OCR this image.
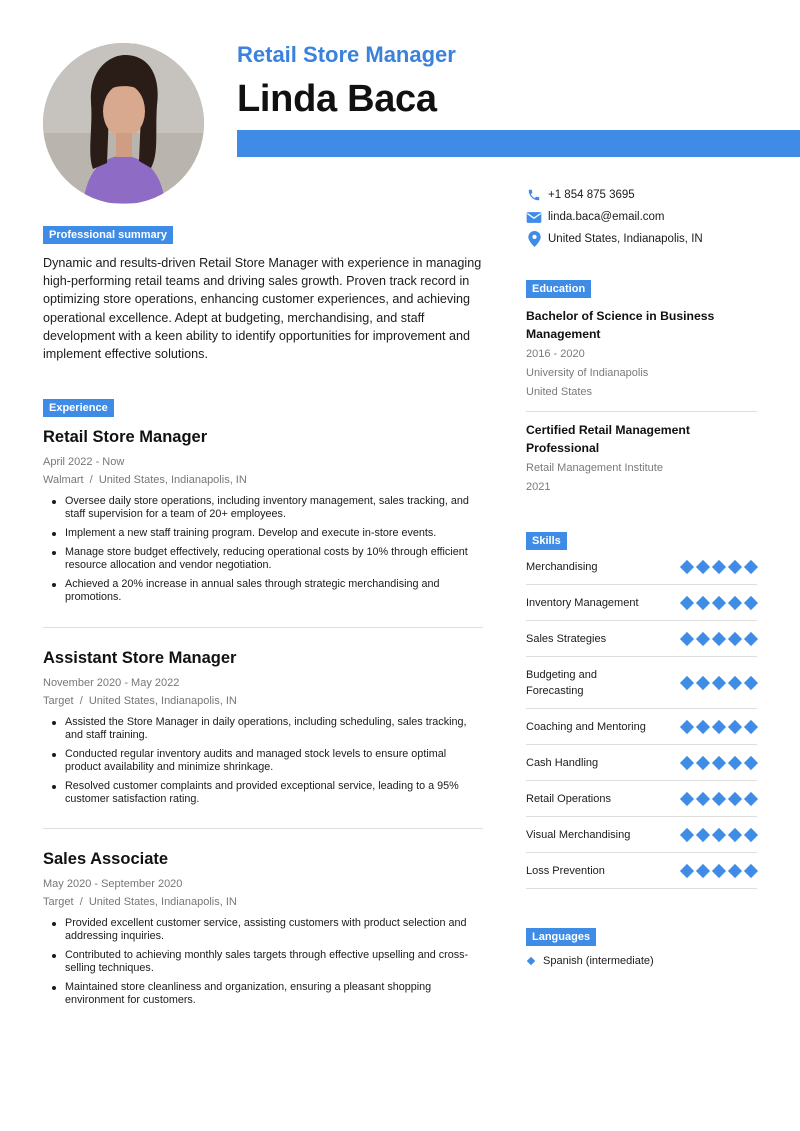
Retail Store Manager
Linda Baca
+1 854 875 3695
linda.baca@email.com
United States, Indianapolis, IN
Professional summary
Dynamic and results-driven Retail Store Manager with experience in managing high-performing retail teams and driving sales growth. Proven track record in optimizing store operations, enhancing customer experiences, and achieving operational excellence. Adept at budgeting, merchandising, and staff development with a keen ability to identify opportunities for improvement and implement effective solutions.
Experience
Retail Store Manager
April 2022 - Now
Walmart  /  United States, Indianapolis, IN
Oversee daily store operations, including inventory management, sales tracking, and staff supervision for a team of 20+ employees.
Implement a new staff training program. Develop and execute in-store events.
Manage store budget effectively, reducing operational costs by 10% through efficient resource allocation and vendor negotiation.
Achieved a 20% increase in annual sales through strategic merchandising and promotions.
Assistant Store Manager
November 2020 - May 2022
Target  /  United States, Indianapolis, IN
Assisted the Store Manager in daily operations, including scheduling, sales tracking, and staff training.
Conducted regular inventory audits and managed stock levels to ensure optimal product availability and minimize shrinkage.
Resolved customer complaints and provided exceptional service, leading to a 95% customer satisfaction rating.
Sales Associate
May 2020 - September 2020
Target  /  United States, Indianapolis, IN
Provided excellent customer service, assisting customers with product selection and addressing inquiries.
Contributed to achieving monthly sales targets through effective upselling and cross-selling techniques.
Maintained store cleanliness and organization, ensuring a pleasant shopping environment for customers.
Education
Bachelor of Science in Business Management
2016 - 2020
University of Indianapolis
United States
Certified Retail Management Professional
Retail Management Institute
2021
Skills
Merchandising
Inventory Management
Sales Strategies
Budgeting and Forecasting
Coaching and Mentoring
Cash Handling
Retail Operations
Visual Merchandising
Loss Prevention
Languages
Spanish (intermediate)
